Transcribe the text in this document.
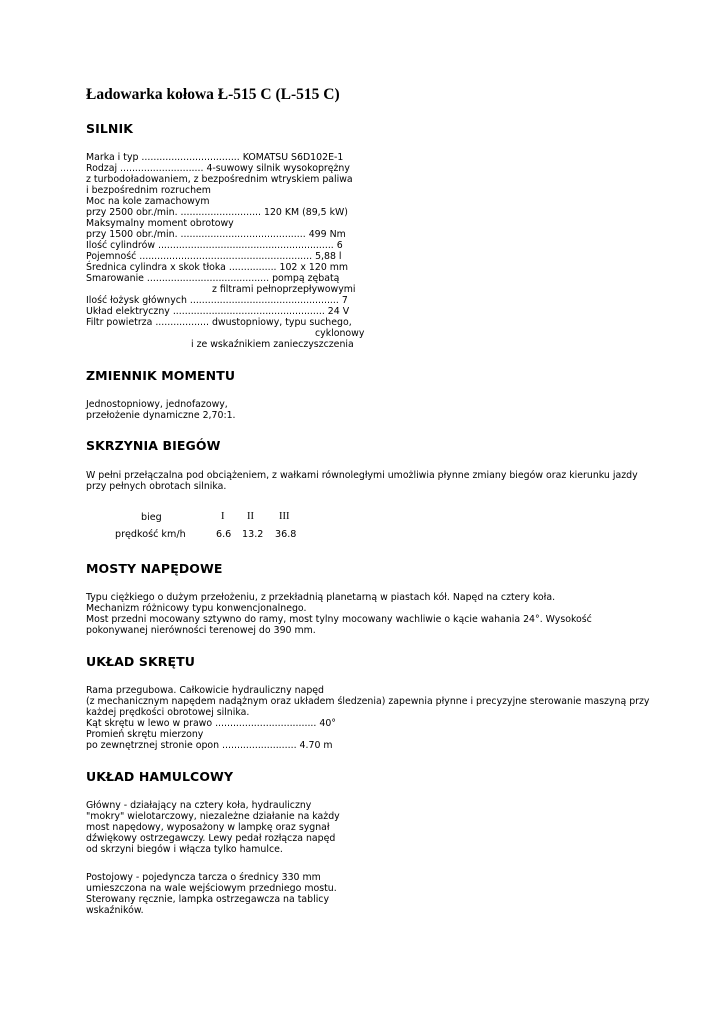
Ładowarka kołowa Ł-515 C (L-515 C)
SILNIK
Marka i typ ................................. KOMATSU S6D102E-1
Rodzaj ............................ 4-suwowy silnik wysokoprężny
z turbodoładowaniem, z bezpośrednim wtryskiem paliwa
i bezpośrednim rozruchem
Moc na kole zamachowym
przy 2500 obr./min. ........................... 120 KM (89,5 kW)
Maksymalny moment obrotowy
przy 1500 obr./min. .......................................... 499 Nm
Ilość cylindrów ........................................................... 6
Pojemność .......................................................... 5,88 l
Średnica cylindra x skok tłoka ................ 102 x 120 mm
Smarowanie ......................................... pompą zębatą
z filtrami pełnoprzepływowymi
Ilość łożysk głównych .................................................. 7
Układ elektryczny ................................................... 24 V
Filtr powietrza .................. dwustopniowy, typu suchego,
cyklonowy
i ze wskaźnikiem zanieczyszczenia
ZMIENNIK MOMENTU
Jednostopniowy, jednofazowy,
przełożenie dynamiczne 2,70:1.
SKRZYNIA BIEGÓW
W pełni przełączalna pod obciążeniem, z wałkami równoległymi umożliwia płynne zmiany biegów oraz kierunku jazdy
przy pełnych obrotach silnika.
bieg	I II III
prędkość km/h	6.6 13.2 36.8
MOSTY NAPĘDOWE
Typu ciężkiego o dużym przełożeniu, z przekładnią planetarną w piastach kół. Napęd na cztery koła.
Mechanizm różnicowy typu konwencjonalnego.
Most przedni mocowany sztywno do ramy, most tylny mocowany wachliwie o kącie wahania 24°. Wysokość
pokonywanej nierówności terenowej do 390 mm.
UKŁAD SKRĘTU
Rama przegubowa. Całkowicie hydrauliczny napęd
(z mechanicznym napędem nadążnym oraz układem śledzenia) zapewnia płynne i precyzyjne sterowanie maszyną przy
każdej prędkości obrotowej silnika.
Kąt skrętu w lewo w prawo .................................. 40°
Promień skrętu mierzony
po zewnętrznej stronie opon ......................... 4.70 m
UKŁAD HAMULCOWY
Główny - działający na cztery koła, hydrauliczny
"mokry" wielotarczowy, niezależne działanie na każdy
most napędowy, wyposażony w lampkę oraz sygnał
dźwiękowy ostrzegawczy. Lewy pedał rozłącza napęd
od skrzyni biegów i włącza tylko hamulce.
Postojowy - pojedyncza tarcza o średnicy 330 mm
umieszczona na wale wejściowym przedniego mostu.
Sterowany ręcznie, lampka ostrzegawcza na tablicy
wskaźników.
